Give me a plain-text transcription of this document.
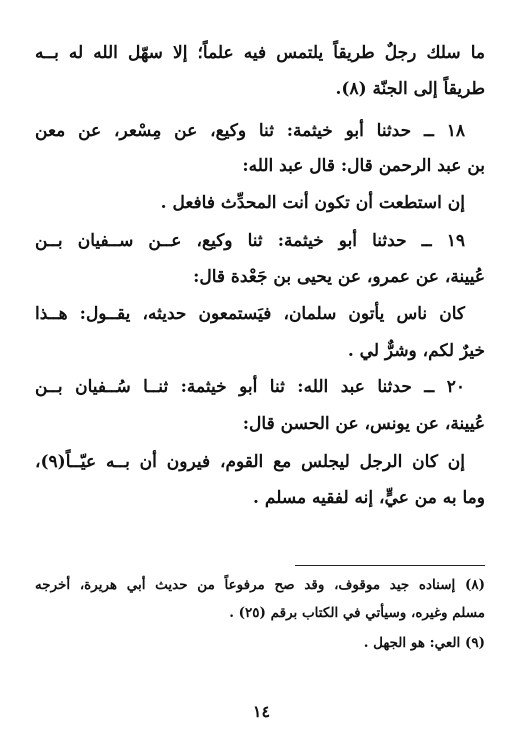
ما سلك رجلٌ طريقاً يلتمس فيه علماً؛ إلا سهّل الله له بــه
طريقاً إلى الجنّة (٨).
١٨ ــ حدثنا أبو خيثمة: ثنا وكيع، عن مِسْعر، عن معن
بن عبد الرحمن قال: قال عبد الله:
إن استطعت أن تكون أنت المحدِّث فافعل .
١٩ ــ حدثنا أبو خيثمة: ثنا وكيع، عــن ســفيان بــن
عُيينة، عن عمرو، عن يحيى بن جَعْدة قال:
كان ناس يأتون سلمان، فيَستمعون حديثه، يقــول: هــذا
خيرٌ لكم، وشرٌّ لي .
٢٠ ــ حدثنا عبد الله: ثنا أبو خيثمة: ثنــا سُــفيان بــن
عُيينة، عن يونس، عن الحسن قال:
إن كان الرجل ليجلس مع القوم، فيرون أن بــه عيّــاً(٩)،
وما به من عيٍّ، إنه لفقيه مسلم .
(٨) إسناده جيد موقوف، وقد صح مرفوعاً من حديث أبي هريرة، أخرجه
مسلم وغيره، وسيأتي في الكتاب برقم (٢٥) .
(٩) العي: هو الجهل .
١٤
